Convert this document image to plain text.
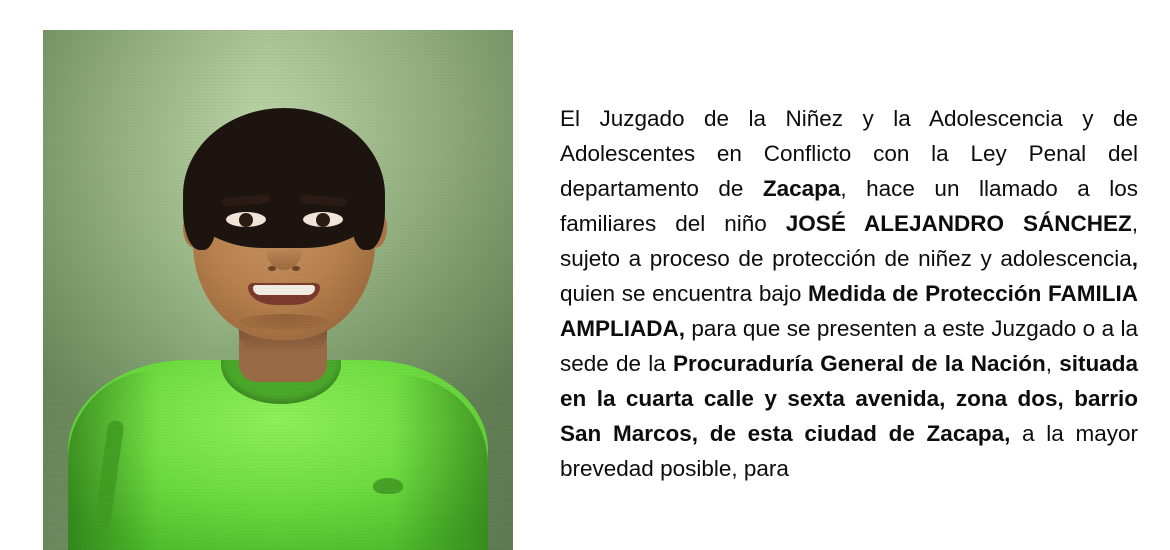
El Juzgado de la Niñez y la Adolescencia y de Adolescentes en Conflicto con la Ley Penal del departamento de Zacapa, hace un llamado a los familiares del niño JOSÉ ALEJANDRO SÁNCHEZ, sujeto a proceso de protección de niñez y adolescencia, quien se encuentra bajo Medida de Protección FAMILIA AMPLIADA, para que se presenten a este Juzgado o a la sede de la Procuraduría General de la Nación, situada en la cuarta calle y sexta avenida, zona dos, barrio San Marcos, de esta ciudad de Zacapa, a la mayor brevedad posible, para
